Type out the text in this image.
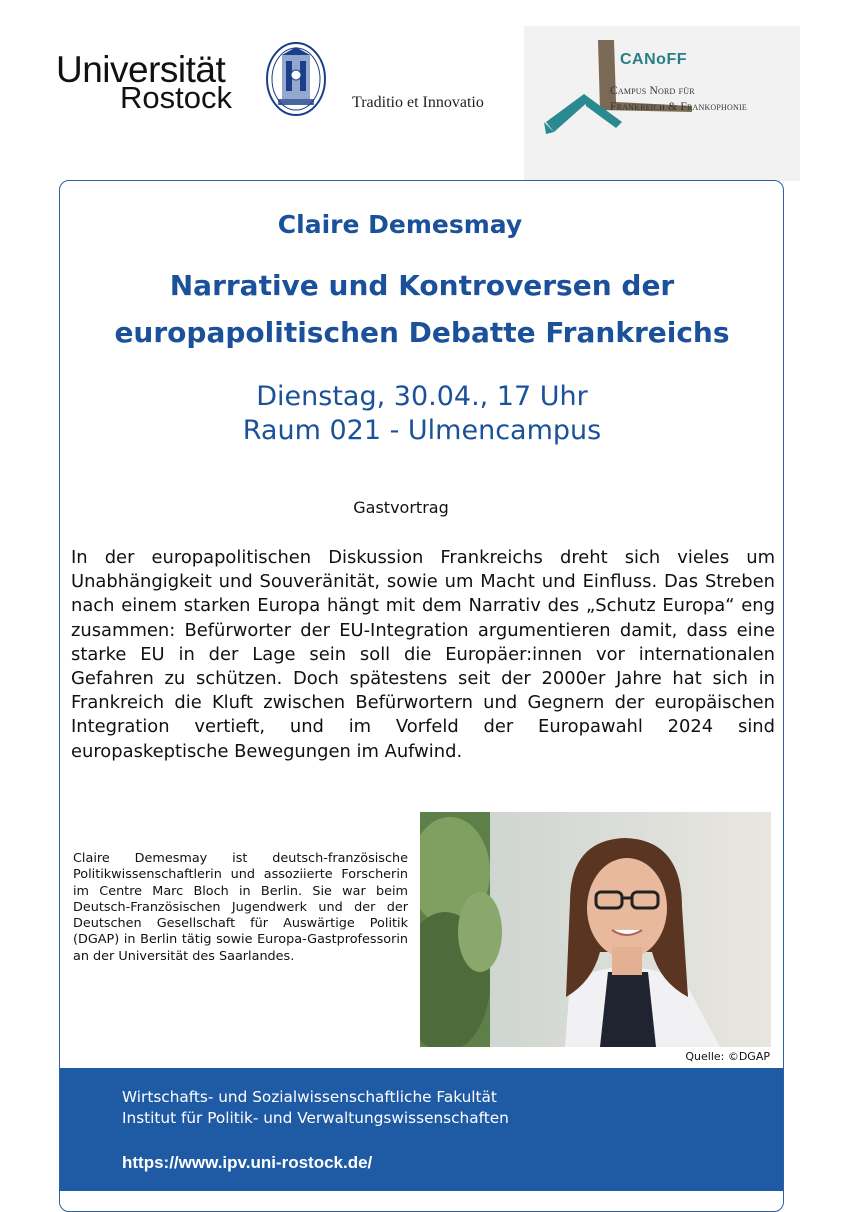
Universität
Rostock	Traditio et Innovatio
CANoFF
Campus Nord für
Frankreich & Frankophonie
Claire Demesmay
Narrative und Kontroversen der
europapolitischen Debatte Frankreichs
Dienstag, 30.04., 17 Uhr
Raum 021 - Ulmencampus
Gastvortrag
In der europapolitischen Diskussion Frankreichs dreht sich vieles um Unabhängigkeit und Souveränität, sowie um Macht und Einfluss. Das Streben nach einem starken Europa hängt mit dem Narrativ des „Schutz Europa“ eng zusammen: Befürworter der EU-Integration argumentieren damit, dass eine starke EU in der Lage sein soll die Europäer:innen vor internationalen Gefahren zu schützen. Doch spätestens seit der 2000er Jahre hat sich in Frankreich die Kluft zwischen Befürwortern und Gegnern der europäischen Integration vertieft, und im Vorfeld der Europawahl 2024 sind europaskeptische Bewegungen im Aufwind.
Claire Demesmay ist deutsch-französische Politikwissenschaftlerin und assoziierte Forscherin im Centre Marc Bloch in Berlin. Sie war beim Deutsch-Französischen Jugendwerk und der der Deutschen Gesellschaft für Auswärtige Politik (DGAP) in Berlin tätig sowie Europa-Gastprofessorin an der Universität des Saarlandes.
Quelle: ©DGAP
Wirtschafts- und Sozialwissenschaftliche Fakultät
Institut für Politik- und Verwaltungswissenschaften
https://www.ipv.uni-rostock.de/
